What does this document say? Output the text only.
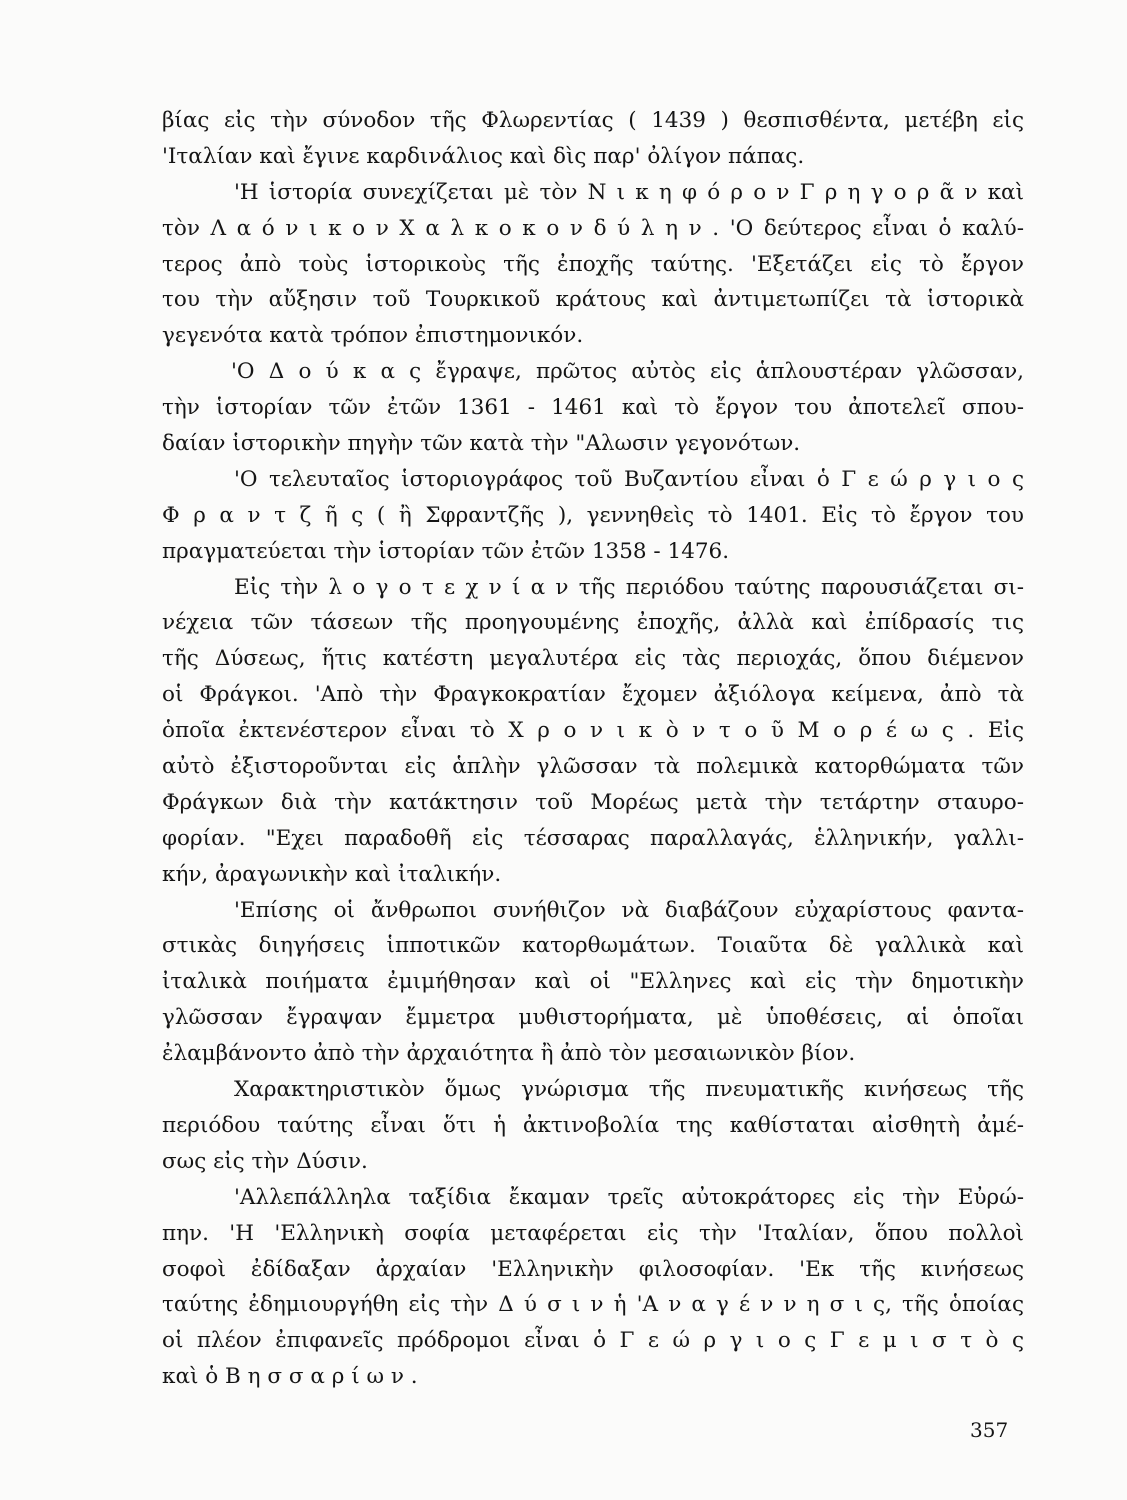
βίας εἰς τὴν σύνοδον τῆς Φλωρεντίας ( 1439 ) θεσπισθέντα, μετέβη εἰς
'Ιταλίαν καὶ ἔγινε καρδινάλιος καὶ δὶς παρ' ὀλίγον πάπας.
'Η ἱστορία συνεχίζεται μὲ τὸν Ν ι κ η φ ό ρ ο ν Γ ρ η γ ο ρ ᾶ ν καὶ
τὸν Λ α ό ν ι κ ο ν Χ α λ κ ο κ ο ν δ ύ λ η ν . 'Ο δεύτερος εἶναι ὁ καλύ-
τερος ἀπὸ τοὺς ἱστορικοὺς τῆς ἐποχῆς ταύτης. 'Εξετάζει εἰς τὸ ἔργον
του τὴν αὔξησιν τοῦ Τουρκικοῦ κράτους καὶ ἀντιμετωπίζει τὰ ἱστορικὰ
γεγενότα κατὰ τρόπον ἐπιστημονικόν.
'Ο Δ ο ύ κ α ς ἔγραψε, πρῶτος αὐτὸς εἰς ἁπλουστέραν γλῶσσαν,
τὴν ἱστορίαν τῶν ἐτῶν 1361 - 1461 καὶ τὸ ἔργον του ἀποτελεῖ σπου-
δαίαν ἱστορικὴν πηγὴν τῶν κατὰ τὴν "Αλωσιν γεγονότων.
'Ο τελευταῖος ἱστοριογράφος τοῦ Βυζαντίου εἶναι ὁ Γ ε ώ ρ γ ι ο ς
Φ ρ α ν τ ζ ῆ ς ( ἢ Σφραντζῆς ), γεννηθεὶς τὸ 1401. Εἰς τὸ ἔργον του
πραγματεύεται τὴν ἱστορίαν τῶν ἐτῶν 1358 - 1476.
Εἰς τὴν λ ο γ ο τ ε χ ν ί α ν τῆς περιόδου ταύτης παρουσιάζεται σι-
νέχεια τῶν τάσεων τῆς προηγουμένης ἐποχῆς, ἀλλὰ καὶ ἐπίδρασίς τις
τῆς Δύσεως, ἥτις κατέστη μεγαλυτέρα εἰς τὰς περιοχάς, ὅπου διέμενον
οἱ Φράγκοι. 'Απὸ τὴν Φραγκοκρατίαν ἔχομεν ἀξιόλογα κείμενα, ἀπὸ τὰ
ὁποῖα ἐκτενέστερον εἶναι τὸ Χ ρ ο ν ι κ ὸ ν τ ο ῦ Μ ο ρ έ ω ς . Εἰς
αὐτὸ ἐξιστοροῦνται εἰς ἁπλὴν γλῶσσαν τὰ πολεμικὰ κατορθώματα τῶν
Φράγκων διὰ τὴν κατάκτησιν τοῦ Μορέως μετὰ τὴν τετάρτην σταυρο-
φορίαν. "Εχει παραδοθῆ εἰς τέσσαρας παραλλαγάς, ἑλληνικήν, γαλλι-
κήν, ἀραγωνικὴν καὶ ἰταλικήν.
'Επίσης οἱ ἄνθρωποι συνήθιζον νὰ διαβάζουν εὐχαρίστους φαντα-
στικὰς διηγήσεις ἱπποτικῶν κατορθωμάτων. Τοιαῦτα δὲ γαλλικὰ καὶ
ἰταλικὰ ποιήματα ἐμιμήθησαν καὶ οἱ "Ελληνες καὶ εἰς τὴν δημοτικὴν
γλῶσσαν ἔγραψαν ἔμμετρα μυθιστορήματα, μὲ ὑποθέσεις, αἱ ὁποῖαι
ἐλαμβάνοντο ἀπὸ τὴν ἀρχαιότητα ἢ ἀπὸ τὸν μεσαιωνικὸν βίον.
Χαρακτηριστικὸν ὅμως γνώρισμα τῆς πνευματικῆς κινήσεως τῆς
περιόδου ταύτης εἶναι ὅτι ἡ ἀκτινοβολία της καθίσταται αἰσθητὴ ἀμέ-
σως εἰς τὴν Δύσιν.
'Αλλεπάλληλα ταξίδια ἔκαμαν τρεῖς αὐτοκράτορες εἰς τὴν Εὐρώ-
πην. 'Η 'Ελληνικὴ σοφία μεταφέρεται εἰς τὴν 'Ιταλίαν, ὅπου πολλοὶ
σοφοὶ ἐδίδαξαν ἀρχαίαν 'Ελληνικὴν φιλοσοφίαν. 'Εκ τῆς κινήσεως
ταύτης ἐδημιουργήθη εἰς τὴν Δ ύ σ ι ν ἡ 'Α ν α γ έ ν ν η σ ι ς, τῆς ὁποίας
οἱ πλέον ἐπιφανεῖς πρόδρομοι εἶναι ὁ Γ ε ώ ρ γ ι ο ς Γ ε μ ι σ τ ὸ ς
καὶ ὁ Β η σ σ α ρ ί ω ν .
357
